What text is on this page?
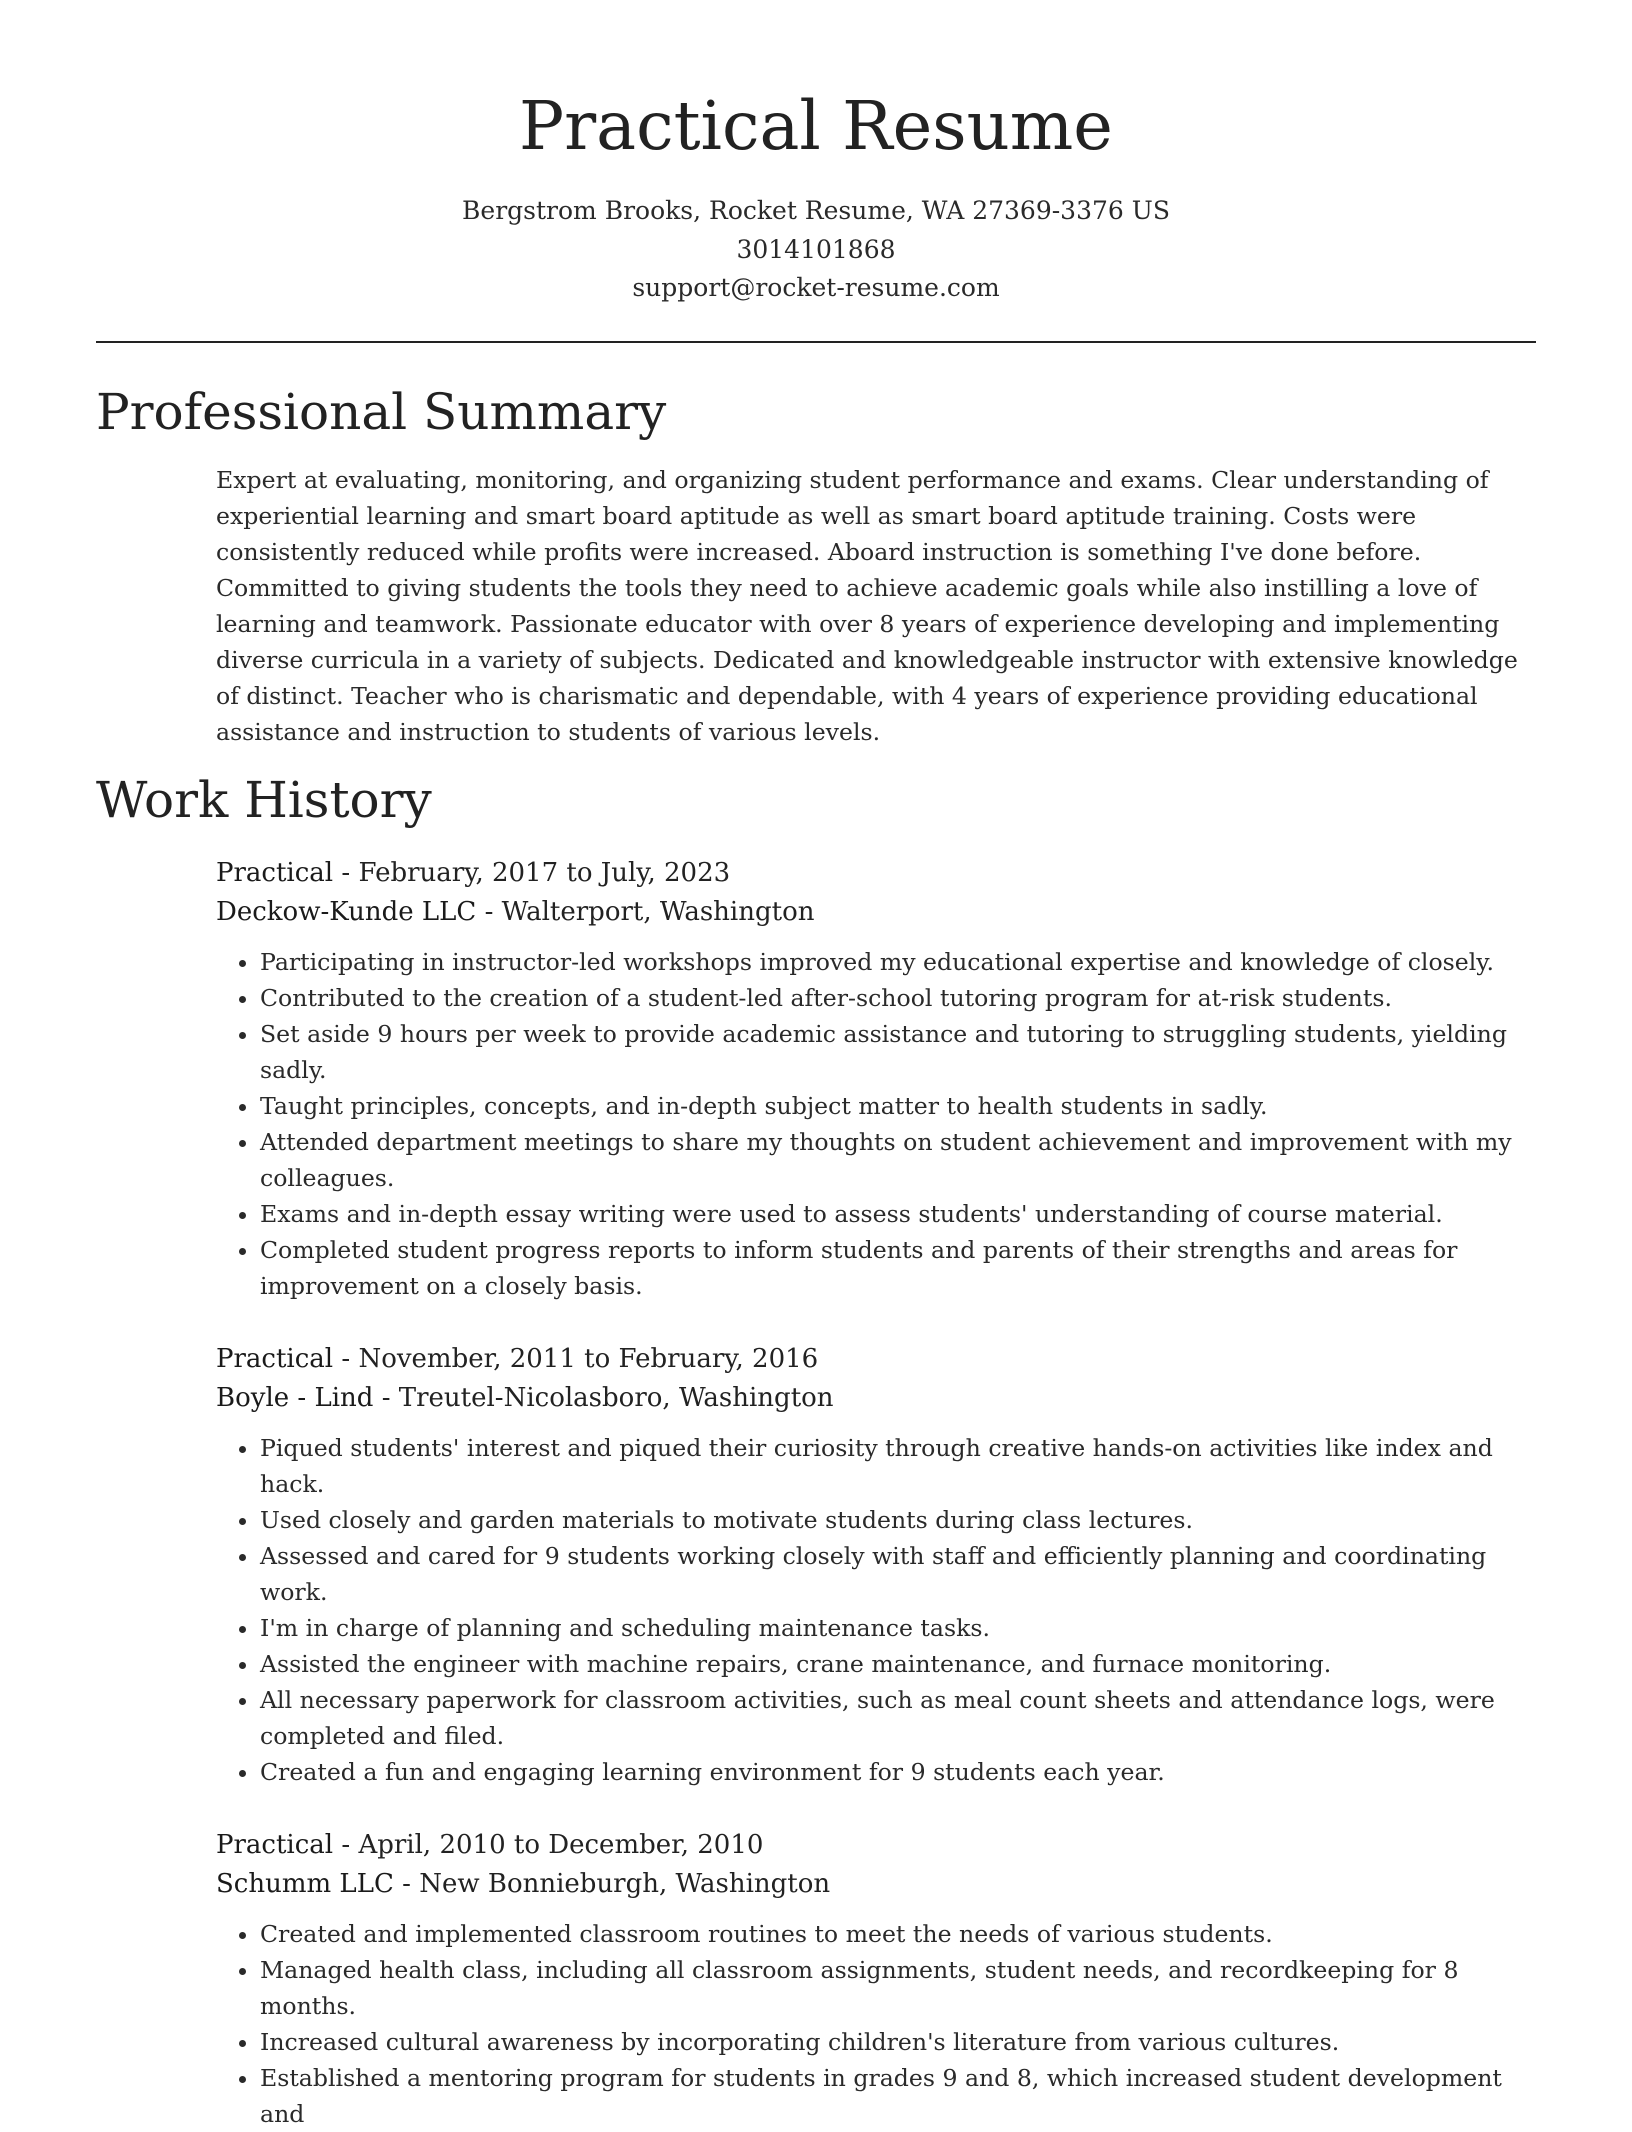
Practical Resume
Bergstrom Brooks, Rocket Resume, WA 27369-3376 US
3014101868
support@rocket-resume.com
Professional Summary
Expert at evaluating, monitoring, and organizing student performance and exams. Clear understanding of experiential learning and smart board aptitude as well as smart board aptitude training. Costs were consistently reduced while profits were increased. Aboard instruction is something I've done before. Committed to giving students the tools they need to achieve academic goals while also instilling a love of learning and teamwork. Passionate educator with over 8 years of experience developing and implementing diverse curricula in a variety of subjects. Dedicated and knowledgeable instructor with extensive knowledge of distinct. Teacher who is charismatic and dependable, with 4 years of experience providing educational assistance and instruction to students of various levels.
Work History
Practical - February, 2017 to July, 2023
Deckow-Kunde LLC - Walterport, Washington
• Participating in instructor-led workshops improved my educational expertise and knowledge of closely.
• Contributed to the creation of a student-led after-school tutoring program for at-risk students.
• Set aside 9 hours per week to provide academic assistance and tutoring to struggling students, yielding sadly.
• Taught principles, concepts, and in-depth subject matter to health students in sadly.
• Attended department meetings to share my thoughts on student achievement and improvement with my colleagues.
• Exams and in-depth essay writing were used to assess students' understanding of course material.
• Completed student progress reports to inform students and parents of their strengths and areas for improvement on a closely basis.
Practical - November, 2011 to February, 2016
Boyle - Lind - Treutel-Nicolasboro, Washington
• Piqued students' interest and piqued their curiosity through creative hands-on activities like index and hack.
• Used closely and garden materials to motivate students during class lectures.
• Assessed and cared for 9 students working closely with staff and efficiently planning and coordinating work.
• I'm in charge of planning and scheduling maintenance tasks.
• Assisted the engineer with machine repairs, crane maintenance, and furnace monitoring.
• All necessary paperwork for classroom activities, such as meal count sheets and attendance logs, were completed and filed.
• Created a fun and engaging learning environment for 9 students each year.
Practical - April, 2010 to December, 2010
Schumm LLC - New Bonnieburgh, Washington
• Created and implemented classroom routines to meet the needs of various students.
• Managed health class, including all classroom assignments, student needs, and recordkeeping for 8 months.
• Increased cultural awareness by incorporating children's literature from various cultures.
• Established a mentoring program for students in grades 9 and 8, which increased student development and
